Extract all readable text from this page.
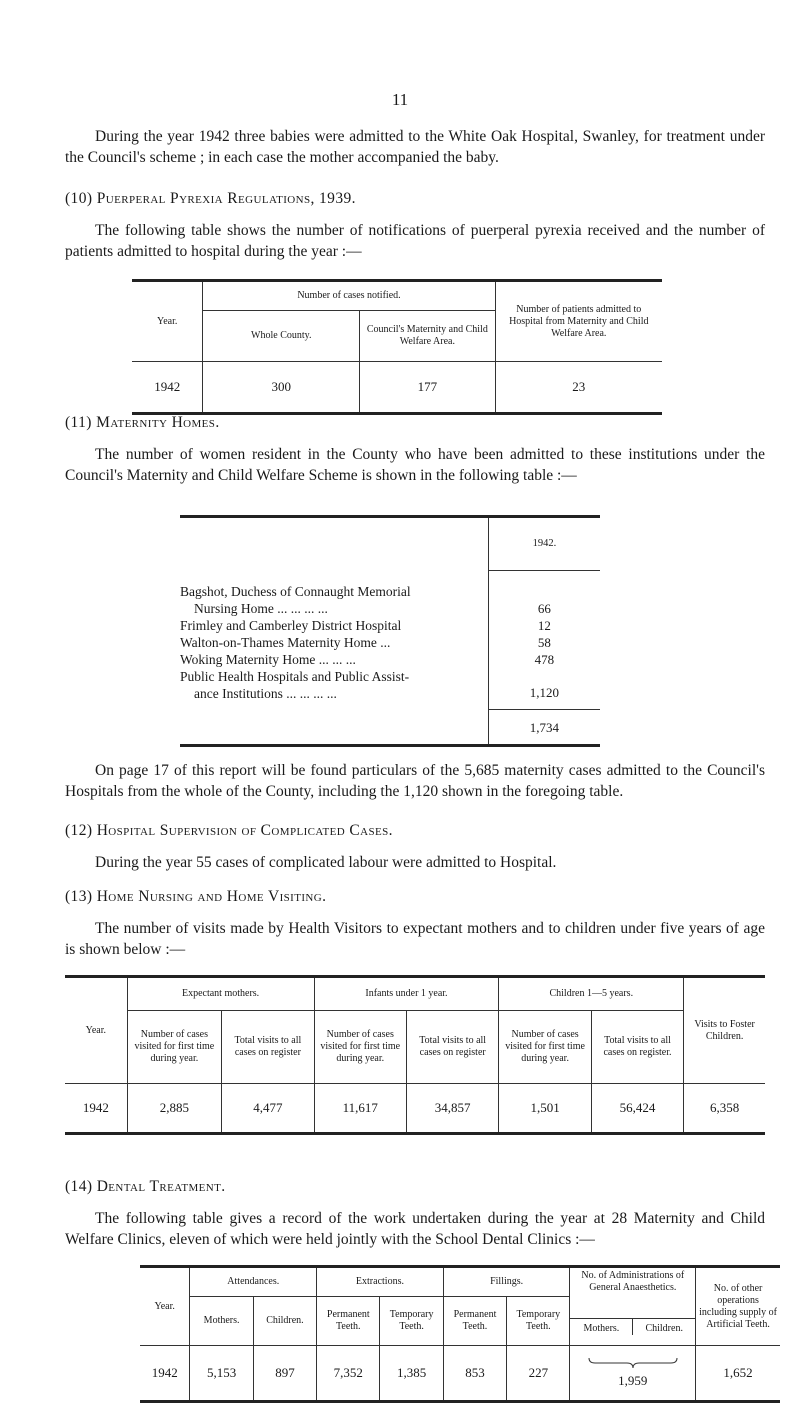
11

During the year 1942 three babies were admitted to the White Oak Hospital, Swanley, for treatment under the Council's scheme ; in each case the mother accompanied the baby.

(10) Puerperal Pyrexia Regulations, 1939.

The following table shows the number of notifications of puerperal pyrexia received and the number of patients admitted to hospital during the year :—

Year.	Number of cases notified.		Number of patients admitted to Hospital from Maternity and Child Welfare Area.
	Whole County.	Council's Maternity and Child Welfare Area.	
1942	300	177	23

(11) Maternity Homes.

The number of women resident in the County who have been admitted to these institutions under the Council's Maternity and Child Welfare Scheme is shown in the following table :—

	1942.

Bagshot, Duchess of Connaught Memorial
Nursing Home ... ... ... ...	66
Frimley and Camberley District Hospital	12
Walton-on-Thames Maternity Home ...	58
Woking Maternity Home ... ... ...	478

Public Health Hospitals and Public Assist-
ance Institutions ... ... ... ...	1,120
	1,734

On page 17 of this report will be found particulars of the 5,685 maternity cases admitted to the Council's Hospitals from the whole of the County, including the 1,120 shown in the foregoing table.

(12) Hospital Supervision of Complicated Cases.

During the year 55 cases of complicated labour were admitted to Hospital.

(13) Home Nursing and Home Visiting.

The number of visits made by Health Visitors to expectant mothers and to children under five years of age is shown below :—

Year.	Expectant mothers.		Infants under 1 year.		Children 1—5 years.		Visits to Foster Children.
	Number of cases visited for first time during year.	Total visits to all cases on register	Number of cases visited for first time during year.	Total visits to all cases on register	Number of cases visited for first time during year.	Total visits to all cases on register.	
1942	2,885	4,477	11,617	34,857	1,501	56,424	6,358

(14) Dental Treatment.

The following table gives a record of the work undertaken during the year at 28 Maternity and Child Welfare Clinics, eleven of which were held jointly with the School Dental Clinics :—

Year.	Attendances.		Extractions.		Fillings.		No. of Administrations of General Anaesthetics.	No. of other operations including supply of Artificial Teeth.
	Mothers.	Children.	Permanent Teeth.	Temporary Teeth.	Permanent Teeth.	Temporary Teeth.	Mothers. Children.	

1942	5,153	897	7,352	1,385	853	227	1,959	1,652
